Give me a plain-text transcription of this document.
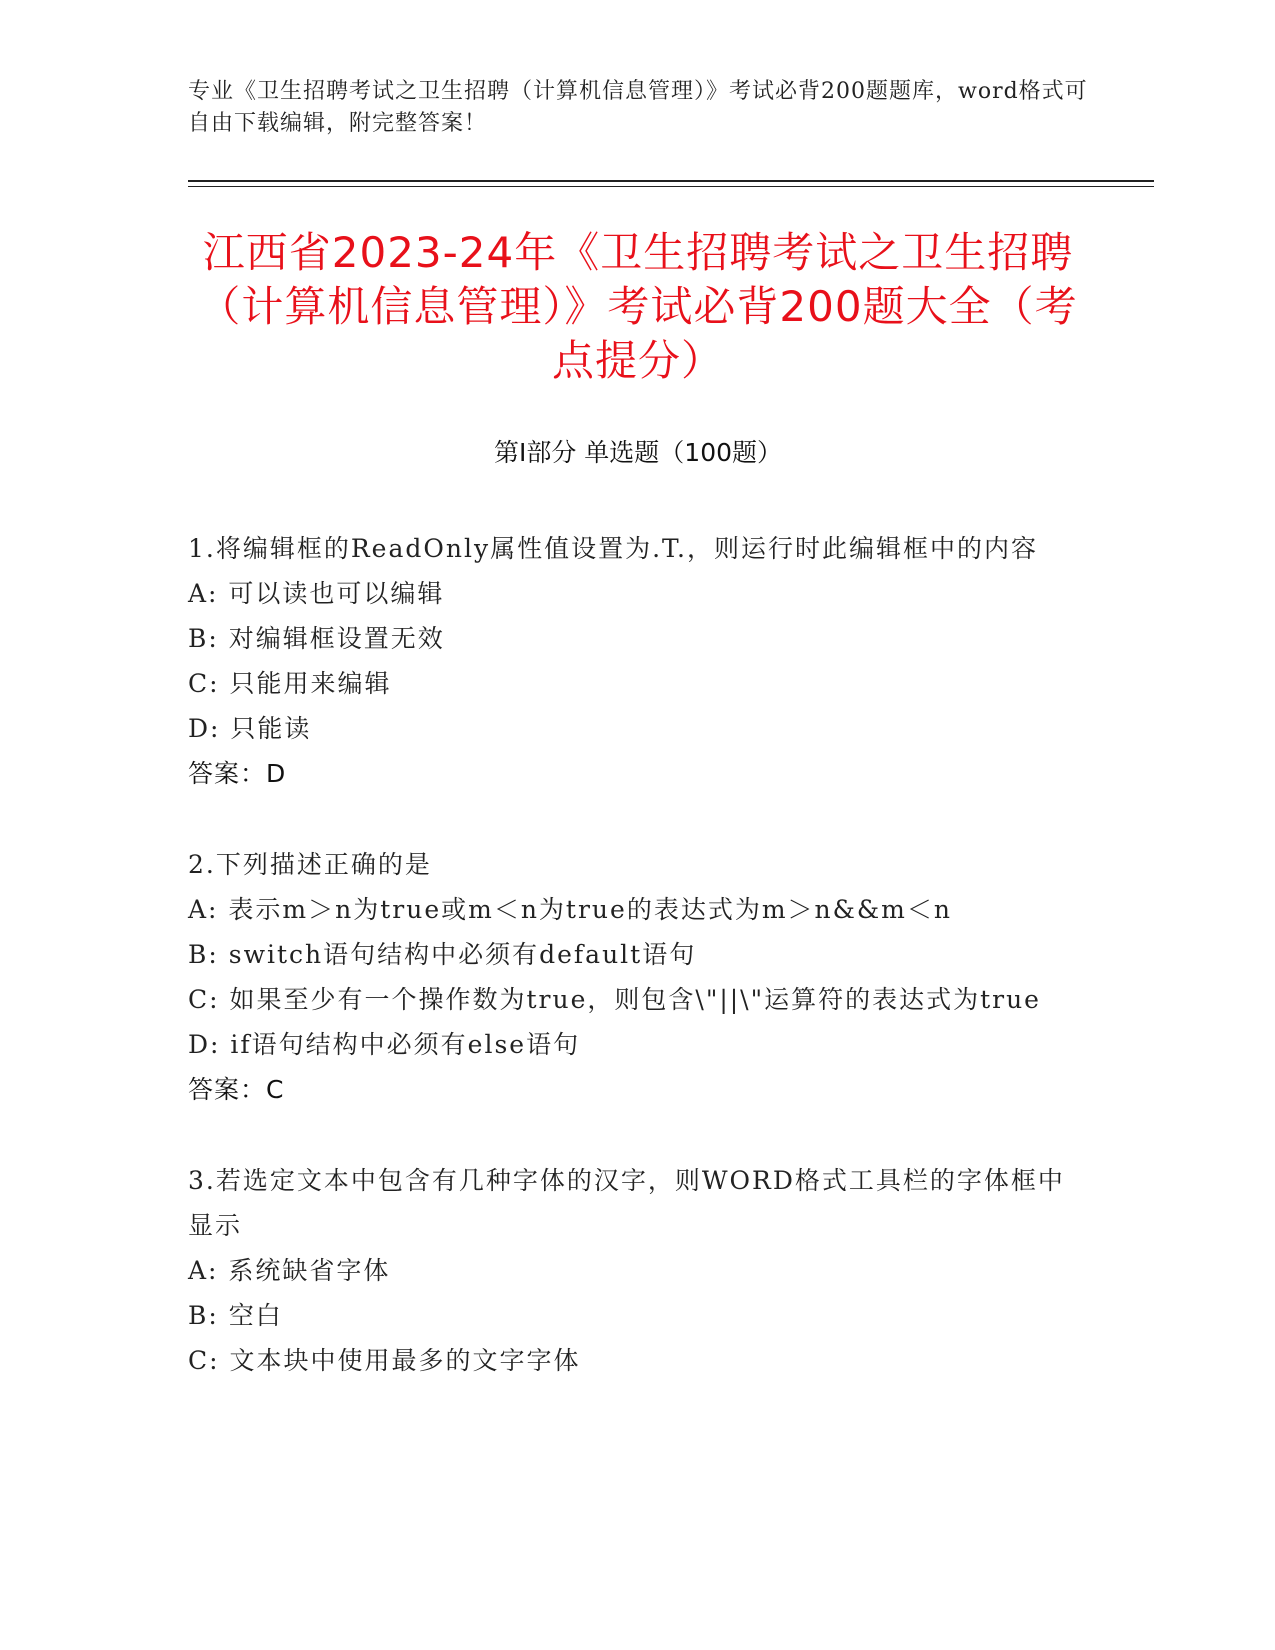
专业《卫生招聘考试之卫生招聘（计算机信息管理）》考试必背200题题库，word格式可自由下载编辑，附完整答案！
江西省2023-24年《卫生招聘考试之卫生招聘（计算机信息管理）》考试必背200题大全（考点提分）
第Ⅰ部分 单选题（100题）

1.将编辑框的ReadOnly属性值设置为.T.，则运行时此编辑框中的内容

A: 可以读也可以编辑

B: 对编辑框设置无效

C: 只能用来编辑

D: 只能读

答案：D

2.下列描述正确的是

A: 表示m＞n为true或m＜n为true的表达式为m＞n&&m＜n

B: switch语句结构中必须有default语句

C: 如果至少有一个操作数为true，则包含\"||\"运算符的表达式为true

D: if语句结构中必须有else语句

答案：C

3.若选定文本中包含有几种字体的汉字，则WORD格式工具栏的字体框中显示

A: 系统缺省字体

B: 空白

C: 文本块中使用最多的文字字体
